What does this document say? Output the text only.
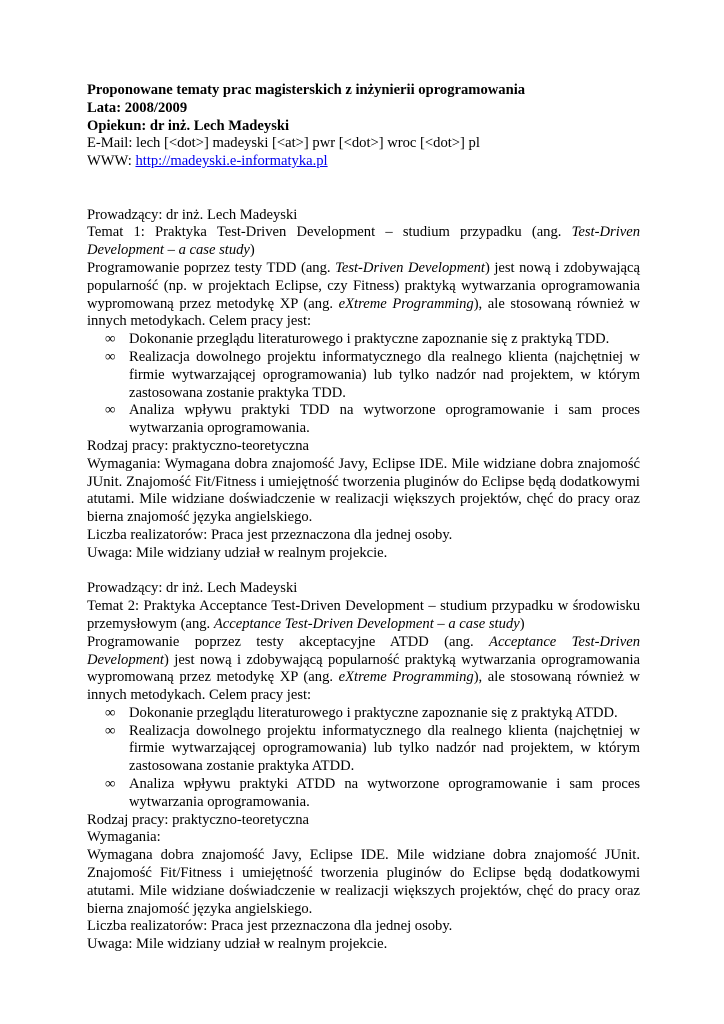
Proponowane tematy prac magisterskich z inżynierii oprogramowania

Lata: 2008/2009

Opiekun: dr inż. Lech Madeyski

E-Mail: lech [<dot>] madeyski [<at>] pwr [<dot>] wroc [<dot>] pl

WWW: http://madeyski.e-informatyka.pl

Prowadzący: dr inż. Lech Madeyski

Temat 1: Praktyka Test-Driven Development – studium przypadku (ang. Test-Driven

Development – a case study)

Programowanie poprzez testy TDD (ang. Test-Driven Development) jest nową i zdobywającą popularność (np. w projektach Eclipse, czy Fitness) praktyką wytwarzania oprogramowania wypromowaną przez metodykę XP (ang. eXtreme Programming), ale stosowaną również w innych metodykach. Celem pracy jest:

∞ Dokonanie przeglądu literaturowego i praktyczne zapoznanie się z praktyką TDD.
∞ Realizacja dowolnego projektu informatycznego dla realnego klienta (najchętniej w firmie wytwarzającej oprogramowania) lub tylko nadzór nad projektem, w którym zastosowana zostanie praktyka TDD.
∞ Analiza wpływu praktyki TDD na wytworzone oprogramowanie i sam proces wytwarzania oprogramowania.

Rodzaj pracy: praktyczno-teoretyczna

Wymagania: Wymagana dobra znajomość Javy, Eclipse IDE. Mile widziane dobra znajomość JUnit. Znajomość Fit/Fitness i umiejętność tworzenia pluginów do Eclipse będą dodatkowymi atutami. Mile widziane doświadczenie w realizacji większych projektów, chęć do pracy oraz bierna znajomość języka angielskiego.

Liczba realizatorów: Praca jest przeznaczona dla jednej osoby.

Uwaga: Mile widziany udział w realnym projekcie.

Prowadzący: dr inż. Lech Madeyski

Temat 2: Praktyka Acceptance Test-Driven Development – studium przypadku w środowisku przemysłowym (ang. Acceptance Test-Driven Development – a case study)

Programowanie poprzez testy akceptacyjne ATDD (ang. Acceptance Test-Driven Development) jest nową i zdobywającą popularność praktyką wytwarzania oprogramowania wypromowaną przez metodykę XP (ang. eXtreme Programming), ale stosowaną również w innych metodykach. Celem pracy jest:

∞ Dokonanie przeglądu literaturowego i praktyczne zapoznanie się z praktyką ATDD.
∞ Realizacja dowolnego projektu informatycznego dla realnego klienta (najchętniej w firmie wytwarzającej oprogramowania) lub tylko nadzór nad projektem, w którym zastosowana zostanie praktyka ATDD.
∞ Analiza wpływu praktyki ATDD na wytworzone oprogramowanie i sam proces wytwarzania oprogramowania.

Rodzaj pracy: praktyczno-teoretyczna

Wymagania:

Wymagana dobra znajomość Javy, Eclipse IDE. Mile widziane dobra znajomość JUnit. Znajomość Fit/Fitness i umiejętność tworzenia pluginów do Eclipse będą dodatkowymi atutami. Mile widziane doświadczenie w realizacji większych projektów, chęć do pracy oraz bierna znajomość języka angielskiego.

Liczba realizatorów: Praca jest przeznaczona dla jednej osoby.

Uwaga: Mile widziany udział w realnym projekcie.
